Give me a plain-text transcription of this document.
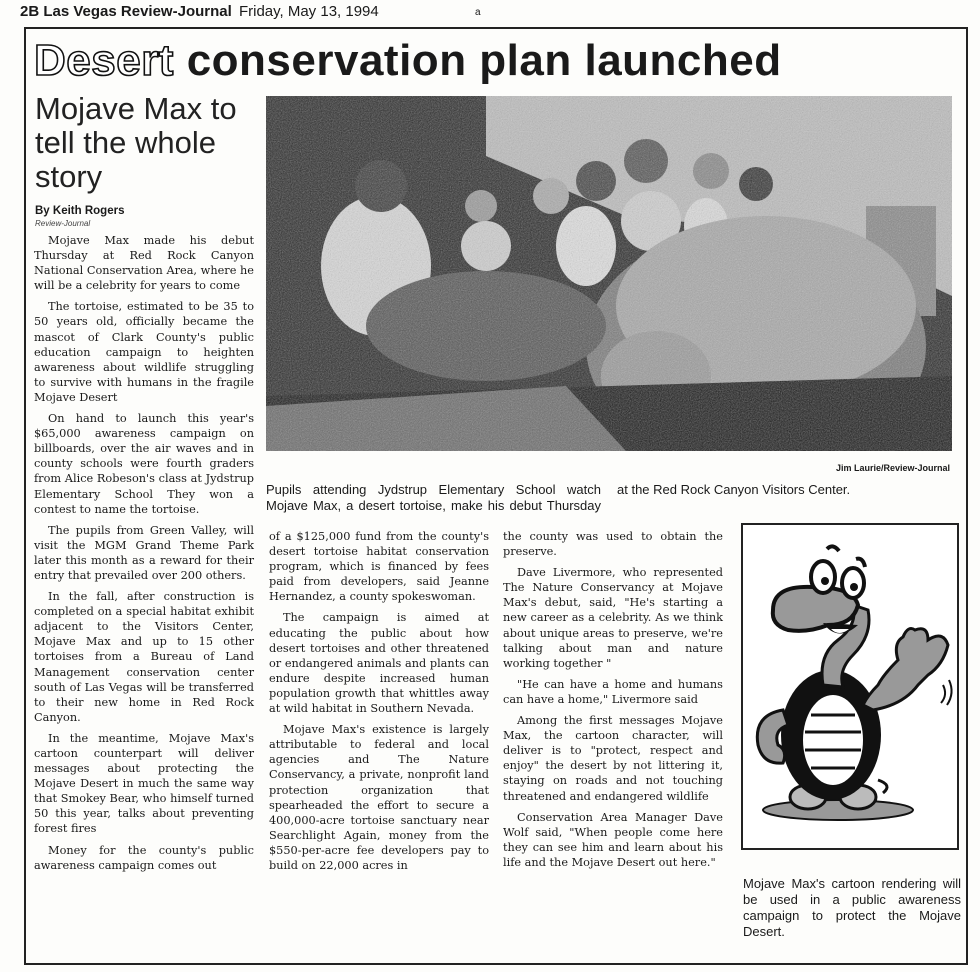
2B Las Vegas Review-Journal Friday, May 13, 1994	a
Desert conservation plan launched
Mojave Max to tell the whole story
By Keith Rogers
Review-Journal

Mojave Max made his debut Thursday at Red Rock Canyon National Conservation Area, where he will be a celebrity for years to come

The tortoise, estimated to be 35 to 50 years old, officially became the mascot of Clark County's public education campaign to heighten awareness about wildlife struggling to survive with humans in the fragile Mojave Desert

On hand to launch this year's $65,000 awareness campaign on billboards, over the air waves and in county schools were fourth graders from Alice Robeson's class at Jydstrup Elementary School They won a contest to name the tortoise.

The pupils from Green Valley, will visit the MGM Grand Theme Park later this month as a reward for their entry that prevailed over 200 others.

In the fall, after construction is completed on a special habitat exhibit adjacent to the Visitors Center, Mojave Max and up to 15 other tortoises from a Bureau of Land Management conservation center south of Las Vegas will be transferred to their new home in Red Rock Canyon.

In the meantime, Mojave Max's cartoon counterpart will deliver messages about protecting the Mojave Desert in much the same way that Smokey Bear, who himself turned 50 this year, talks about preventing forest fires

Money for the county's public awareness campaign comes out

Jim Laurie/Review-Journal
Pupils attending Jydstrup Elementary School watch Mojave Max, a desert tortoise, make his debut Thursday at the Red Rock Canyon Visitors Center.

of a $125,000 fund from the county's desert tortoise habitat conservation program, which is financed by fees paid from developers, said Jeanne Hernandez, a county spokeswoman.

The campaign is aimed at educating the public about how desert tortoises and other threatened or endangered animals and plants can endure despite increased human population growth that whittles away at wild habitat in Southern Nevada.

Mojave Max's existence is largely attributable to federal and local agencies and The Nature Conservancy, a private, nonprofit land protection organization that spearheaded the effort to secure a 400,000-acre tortoise sanctuary near Searchlight Again, money from the $550-per-acre fee developers pay to build on 22,000 acres in

the county was used to obtain the preserve.

Dave Livermore, who represented The Nature Conservancy at Mojave Max's debut, said, "He's starting a new career as a celebrity. As we think about unique areas to preserve, we're talking about man and nature working together "

"He can have a home and humans can have a home," Livermore said

Among the first messages Mojave Max, the cartoon character, will deliver is to "protect, respect and enjoy" the desert by not littering it, staying on roads and not touching threatened and endangered wildlife

Conservation Area Manager Dave Wolf said, "When people come here they can see him and learn about his life and the Mojave Desert out here."

Mojave Max's cartoon rendering will be used in a public awareness campaign to protect the Mojave Desert.
